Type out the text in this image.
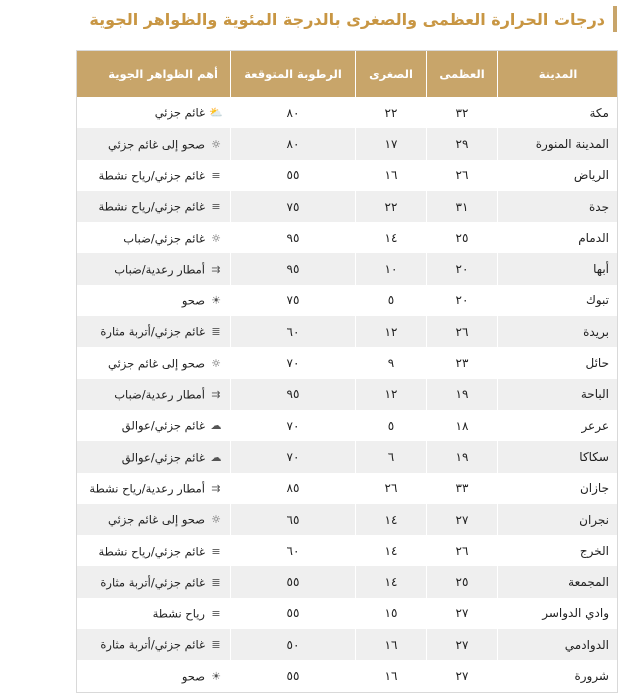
درجات الحرارة العظمى والصغرى بالدرجة المئوية والظواهر الجوية
المدينة	العظمى	الصغرى	الرطوبة المتوقعة	أهم الظواهر الجوية
مكة	٣٢	٢٢	٨٠	⛅غائم جزئي
المدينة المنورة	٢٩	١٧	٨٠	☼صحو إلى غائم جزئي
الرياض	٢٦	١٦	٥٥	≡غائم جزئي/رياح نشطة
جدة	٣١	٢٢	٧٥	≡غائم جزئي/رياح نشطة
الدمام	٢٥	١٤	٩٥	☼غائم جزئي/ضباب
أبها	٢٠	١٠	٩٥	⇉أمطار رعدية/ضباب
تبوك	٢٠	٥	٧٥	☀صحو
بريدة	٢٦	١٢	٦٠	≣غائم جزئي/أتربة مثارة
حائل	٢٣	٩	٧٠	☼صحو إلى غائم جزئي
الباحة	١٩	١٢	٩٥	⇉أمطار رعدية/ضباب
عرعر	١٨	٥	٧٠	☁غائم جزئي/عوالق
سكاكا	١٩	٦	٧٠	☁غائم جزئي/عوالق
جازان	٣٣	٢٦	٨٥	⇉أمطار رعدية/رياح نشطة
نجران	٢٧	١٤	٦٥	☼صحو إلى غائم جزئي
الخرج	٢٦	١٤	٦٠	≡غائم جزئي/رياح نشطة
المجمعة	٢٥	١٤	٥٥	≣غائم جزئي/أتربة مثارة
وادي الدواسر	٢٧	١٥	٥٥	≡رياح نشطة
الدوادمي	٢٧	١٦	٥٠	≣غائم جزئي/أتربة مثارة
شرورة	٢٧	١٦	٥٥	☀صحو
